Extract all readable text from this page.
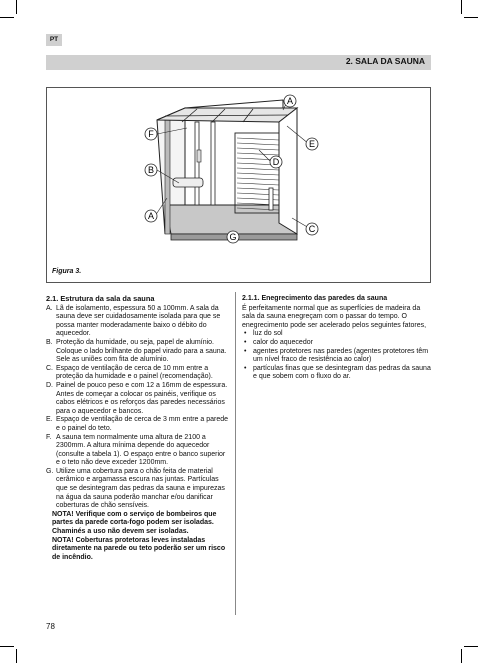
PT
2. SALA DA SAUNA
A
E
F
B
A
D
C
G
Figura 3.
2.1. Estrutura da sala da sauna
A. Lã de isolamento, espessura 50 a 100mm. A sala da sauna deve ser cuidadosamente isolada para que se possa manter moderadamente baixo o débito do aquecedor.
B. Proteção da humidade, ou seja, papel de alumínio. Coloque o lado brilhante do papel virado para a sauna. Sele as uniões com fita de alumínio.
C. Espaço de ventilação de cerca de 10 mm entre a proteção da humidade e o painel (recomendação).
D. Painel de pouco peso e com 12 a 16mm de espessura. Antes de começar a colocar os painéis, verifique os cabos elétricos e os reforços das paredes necessários para o aquecedor e bancos.
E. Espaço de ventilação de cerca de 3 mm entre a parede e o painel do teto.
F. A sauna tem normalmente uma altura de 2100 a 2300mm. A altura mínima depende do aquecedor (consulte a tabela 1). O espaço entre o banco superior e o teto não deve exceder 1200mm.
G. Utilize uma cobertura para o chão feita de material cerâmico e argamassa escura nas juntas. Partículas que se desintegram das pedras da sauna e impurezas na água da sauna poderão manchar e/ou danificar coberturas de chão sensíveis.
NOTA! Verifique com o serviço de bombeiros que partes da parede corta-fogo podem ser isoladas. Chaminés a uso não devem ser isoladas.
NOTA! Coberturas protetoras leves instaladas diretamente na parede ou teto poderão ser um risco de incêndio.
2.1.1. Enegrecimento das paredes da sauna
É perfeitamente normal que as superfícies de madeira da sala da sauna enegreçam com o passar do tempo. O enegrecimento pode ser acelerado pelos seguintes fatores,
• luz do sol
• calor do aquecedor
• agentes protetores nas paredes (agentes protetores têm um nível fraco de resistência ao calor)
• partículas finas que se desintegram das pedras da sauna e que sobem com o fluxo do ar.
78
